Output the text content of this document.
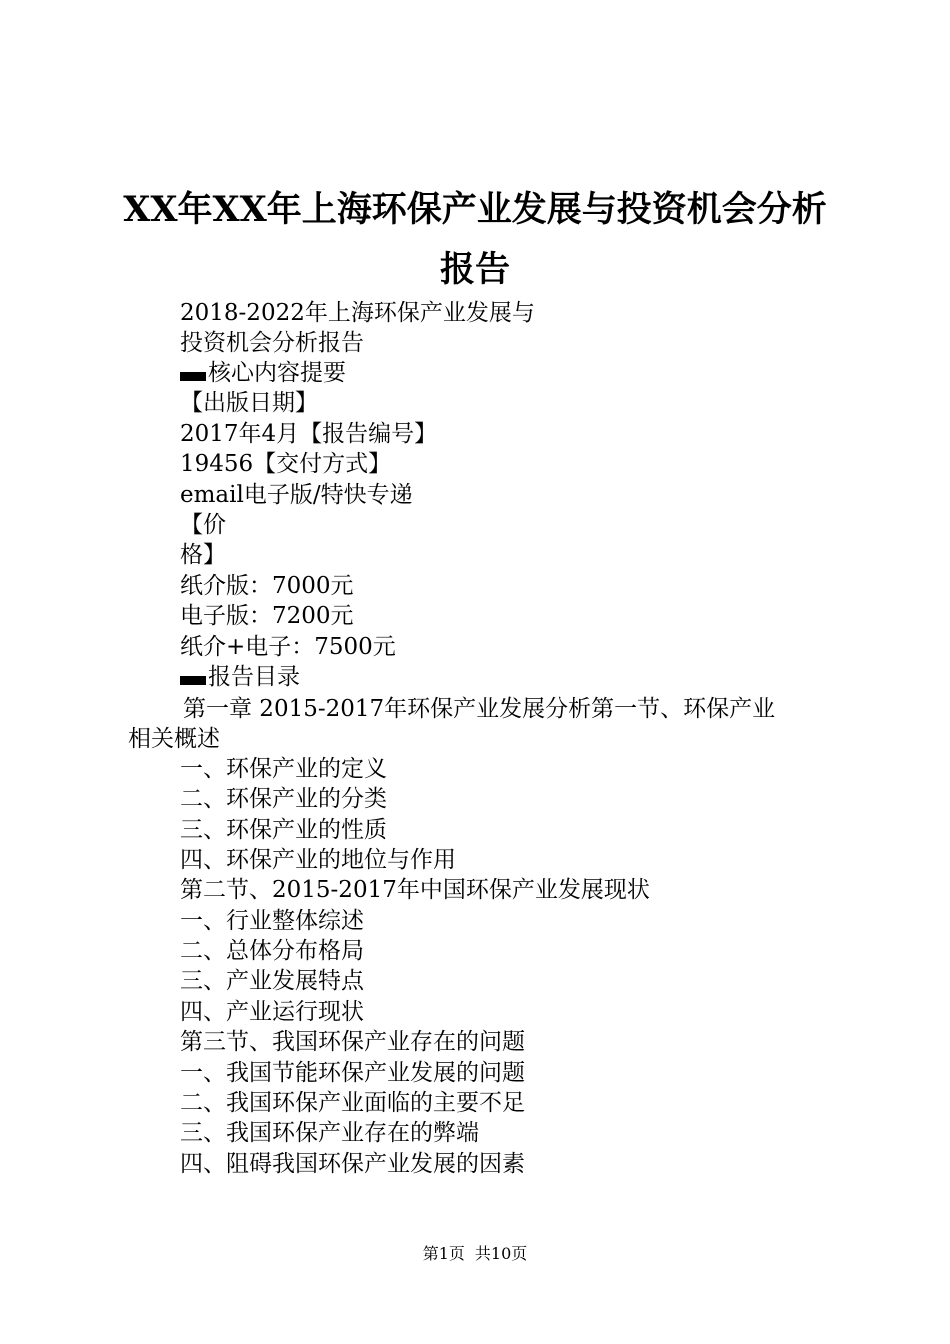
XX年XX年上海环保产业发展与投资机会分析
报告
2018-2022年上海环保产业发展与
投资机会分析报告
核心内容提要
【出版日期】
2017年4月【报告编号】
19456【交付方式】
email电子版/特快专递
【价
格】
纸介版：7000元
电子版：7200元
纸介+电子：7500元
报告目录
第一章 2015-2017年环保产业发展分析第一节、环保产业
相关概述
一、环保产业的定义
二、环保产业的分类
三、环保产业的性质
四、环保产业的地位与作用
第二节、2015-2017年中国环保产业发展现状
一、行业整体综述
二、总体分布格局
三、产业发展特点
四、产业运行现状
第三节、我国环保产业存在的问题
一、我国节能环保产业发展的问题
二、我国环保产业面临的主要不足
三、我国环保产业存在的弊端
四、阻碍我国环保产业发展的因素
第1页 共10页
